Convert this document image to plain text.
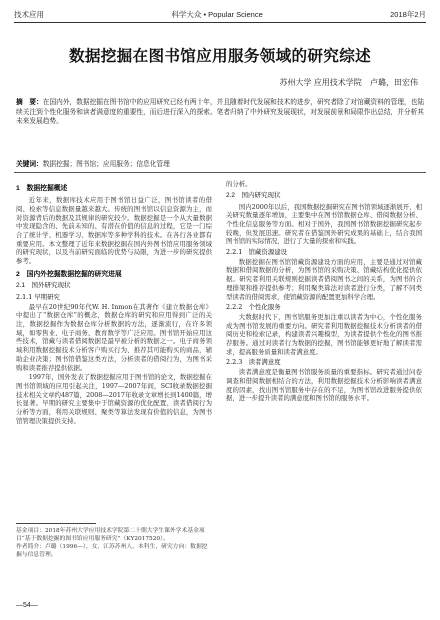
技术应用	科学大众 • Popular Science	2018年2月
数据挖掘在图书馆应用服务领域的研究综述
苏州大学 应用技术学院 卢璐，田宏伟
摘　要：在国内外，数据挖掘在图书馆中的应用研究已经有两十年，并且随着时代发展和技术的进步，研究者除了对馆藏资料的管理，也陆续关注到个性化服务和读者满意度的重要性，而后进行深入的探索。笔者归纳了中外研究发展现状，对发展前景和局限作出总结，并分析其未来发展趋势。
关键词：数据挖掘；图书馆；应用服务；信息化管理
1　数据挖掘概述

近年来，数据库技术应用于图书馆日益广泛，图书馆读者的借阅、检索等信息数据量越来越大。传统的图书馆以信息资源为主，而对资源背后的数据及其规律的研究较少。数据挖掘是一个从大量数据中发现隐含的、先前未知的、有潜在价值的信息的过程，它是一门综合了统计学、机器学习、数据库等多种学科的技术。在各行各业都有重要应用。本文整理了近年来数据挖掘在国内外图书馆应用服务领域的研究现状，以及当前研究面临的优势与局限，为进一步的研究提供参考。

2　国内外挖掘数据挖掘的研究进展
2.1　国外研究现状
2.1.1 早期研究

最早在20世纪90年代W. H. Inmon在其著作《建立数据仓库》中提出了“数据仓库”的概念，数据仓库的研究和应用得到广泛的关注，数据挖掘作为数据仓库分析数据的方法，逐渐流行，在许多领域，如零售业、电子商务、教育数学等广泛应用。图书馆开始应用这些技术，馆藏与读者借阅数据是最早被分析的数据之一。电子商务领域利用数据挖掘技术分析客户购买行为、推荐其可能购买的商品，辅助企业决策；图书馆借鉴这类方法，分析读者的借阅行为，为图书采购和读者推荐提供依据。

1997年，国外发表了数据挖掘应用于图书馆的论文，数据挖掘在图书馆领域的应用引起关注，1997—2007年间，SCI收录数据挖掘技术相关文章约487篇，2008—2017年收录文章增长到1400篇，增长显著。早期的研究主要集中于馆藏资源的优化配置、读者借阅行为分析等方面，利用关联规则、聚类等算法发现有价值的信息，为图书馆管理决策提供支持。

的分析。

2.2　国内研究现状

国内2000年以后，我国数据挖掘研究在图书馆领域逐渐展开，相关研究数量逐年增加，主要集中在图书馆数据仓库、借阅数据分析、个性化信息服务等方面。相对于国外，我国图书馆数据挖掘研究起步较晚，但发展迅速。研究者在借鉴国外研究成果的基础上，结合我国图书馆的实际情况，进行了大量的探索和实践。

2.2.1　馆藏资源建设

数据挖掘在图书馆馆藏资源建设方面的应用，主要是通过对馆藏数据和借阅数据的分析，为图书馆的采购决策、馆藏结构优化提供依据。研究者利用关联规则挖掘读者借阅图书之间的关系，为图书的合理排架和推荐提供参考；利用聚类算法对读者进行分类，了解不同类型读者的借阅需求，使馆藏资源的配置更加科学合理。

2.2.2　个性化服务

大数据时代下，图书馆服务更加注重以读者为中心，个性化服务成为图书馆发展的重要方向。研究者利用数据挖掘技术分析读者的借阅历史和检索记录，构建读者兴趣模型，为读者提供个性化的图书推荐服务。通过对读者行为数据的挖掘，图书馆能够更好地了解读者需求，提高服务质量和读者满意度。

2.2.3　读者满意度

读者满意度是衡量图书馆服务质量的重要指标。研究者通过问卷调查和借阅数据相结合的方法，利用数据挖掘技术分析影响读者满意度的因素，找出图书馆服务中存在的不足，为图书馆改进服务提供依据，进一步提升读者的满意度和图书馆的服务水平。

基金项目：2018年苏州大学应用技术学院第二十期大学生课外学术基金项目“基于数据挖掘的图书馆应用服务研究”（KY2017520）。
作者简介：卢璐（1996—），女，江苏苏州人，本科生，研究方向：数据挖掘与信息管理。
—54—
